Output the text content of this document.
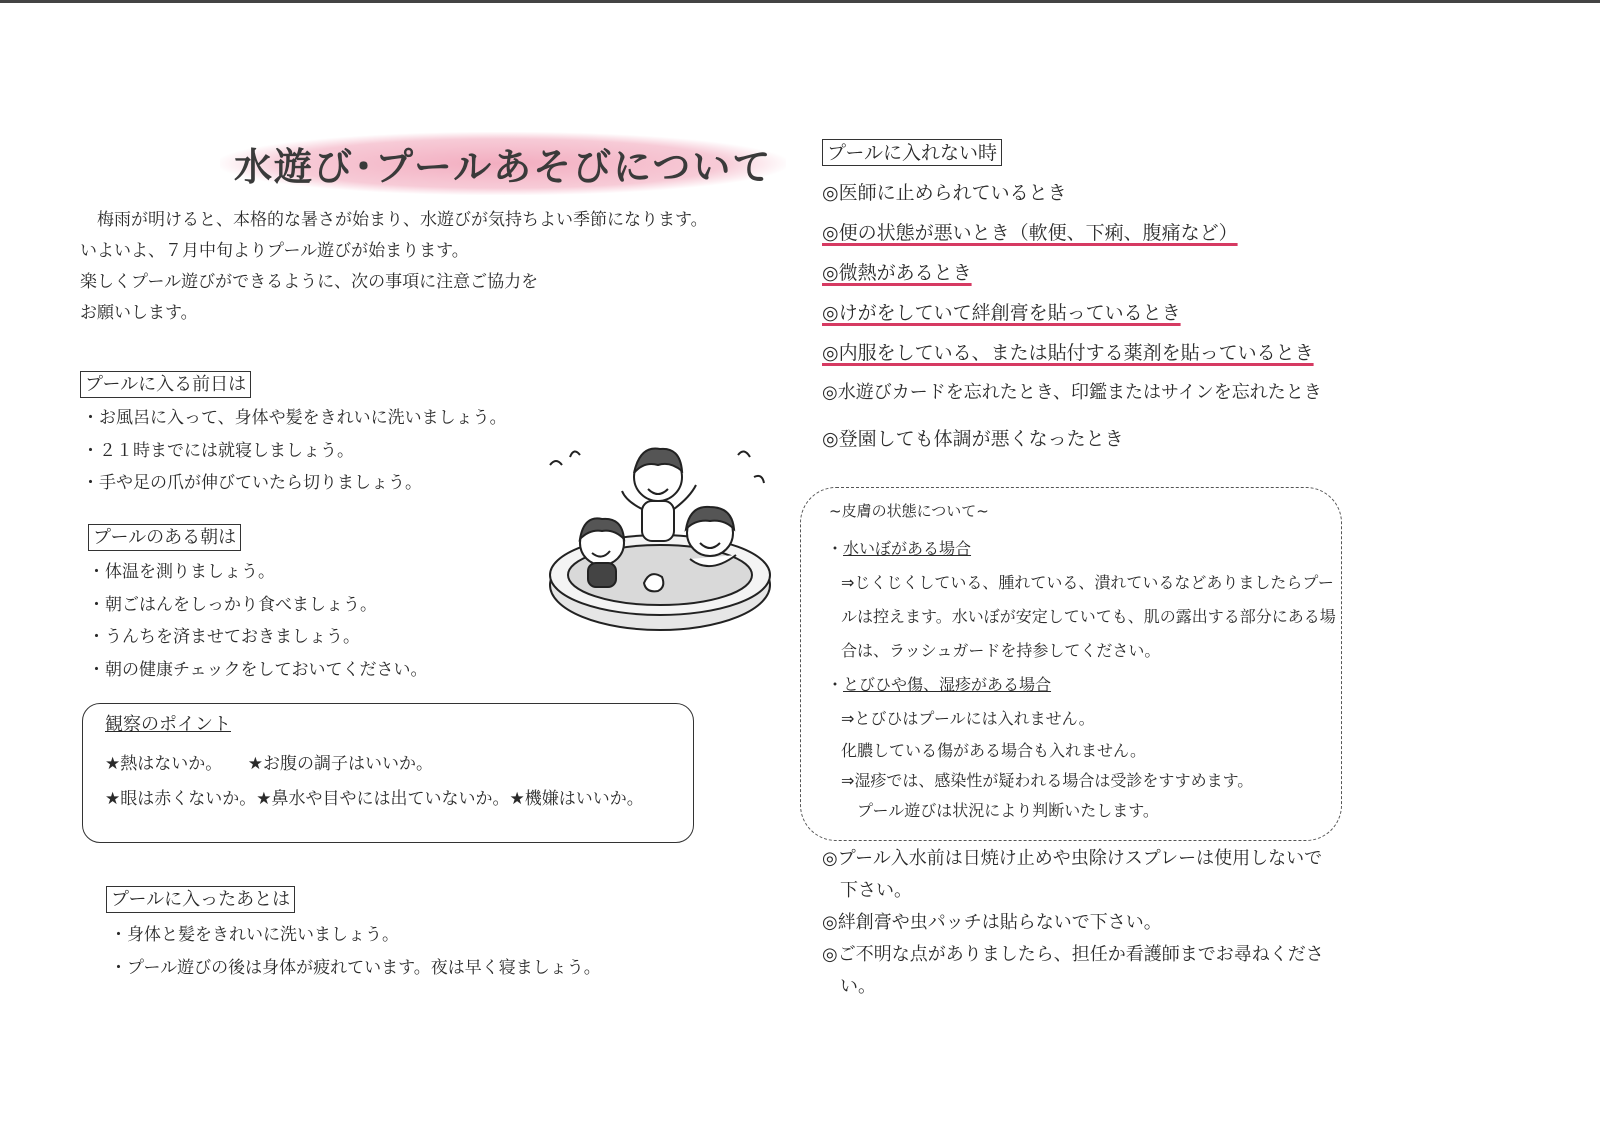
水遊び･プールあそびについて
　梅雨が明けると、本格的な暑さが始まり、水遊びが気持ちよい季節になります。
いよいよ、７月中旬よりプール遊びが始まります。
楽しくプール遊びができるように、次の事項に注意ご協力を
お願いします。
プールに入る前日は
・お風呂に入って、身体や髪をきれいに洗いましょう。
・２１時までには就寝しましょう。
・手や足の爪が伸びていたら切りましょう。
プールのある朝は
・体温を測りましょう。
・朝ごはんをしっかり食べましょう。
・うんちを済ませておきましょう。
・朝の健康チェックをしておいてください。
観察のポイント
★熱はないか。　　★お腹の調子はいいか。
★眼は赤くないか。★鼻水や目やには出ていないか。★機嫌はいいか。
プールに入ったあとは
・身体と髪をきれいに洗いましょう。
・プール遊びの後は身体が疲れています。夜は早く寝ましょう。
プールに入れない時
◎医師に止められているとき
◎便の状態が悪いとき（軟便、下痢、腹痛など）
◎微熱があるとき
◎けがをしていて絆創膏を貼っているとき
◎内服をしている、または貼付する薬剤を貼っているとき
◎水遊びカードを忘れたとき、印鑑またはサインを忘れたとき
◎登園しても体調が悪くなったとき
~皮膚の状態について~
・水いぼがある場合
⇒じくじくしている、腫れている、潰れているなどありましたらプー
ルは控えます。水いぼが安定していても、肌の露出する部分にある場
合は、ラッシュガードを持参してください。
・とびひや傷、湿疹がある場合
⇒とびひはプールには入れません。
化膿している傷がある場合も入れません。
⇒湿疹では、感染性が疑われる場合は受診をすすめます。
　プール遊びは状況により判断いたします。
◎プール入水前は日焼け止めや虫除けスプレーは使用しないで
　下さい。
◎絆創膏や虫パッチは貼らないで下さい。
◎ご不明な点がありましたら、担任か看護師までお尋ねくださ
　い。
